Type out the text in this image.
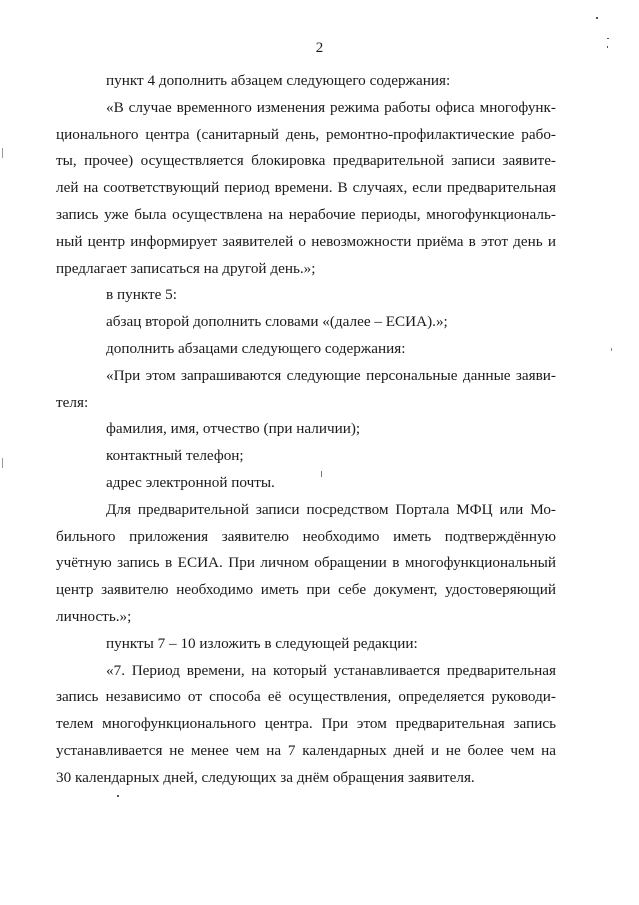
2

пункт 4 дополнить абзацем следующего содержания:

«В случае временного изменения режима работы офиса многофунк-

ционального центра (санитарный день, ремонтно-профилактические рабо-
ты, прочее) осуществляется блокировка предварительной записи заявите-
лей на соответствующий период времени. В случаях, если предварительная
запись уже была осуществлена на нерабочие периоды, многофункциональ-
ный центр информирует заявителей о невозможности приёма в этот день и
предлагает записаться на другой день.»;

в пункте 5:

абзац второй дополнить словами «(далее – ЕСИА).»;

дополнить абзацами следующего содержания:

«При этом запрашиваются следующие персональные данные заяви-

теля:

фамилия, имя, отчество (при наличии);

контактный телефон;

адрес электронной почты.

Для предварительной записи посредством Портала МФЦ или Мо-

бильного приложения заявителю необходимо иметь подтверждённую
учётную запись в ЕСИА. При личном обращении в многофункциональный
центр заявителю необходимо иметь при себе документ, удостоверяющий
личность.»;

пункты 7 – 10 изложить в следующей редакции:

«7. Период времени, на который устанавливается предварительная

запись независимо от способа её осуществления, определяется руководи-
телем многофункционального центра. При этом предварительная запись
устанавливается не менее чем на 7 календарных дней и не более чем на
30 календарных дней, следующих за днём обращения заявителя.
